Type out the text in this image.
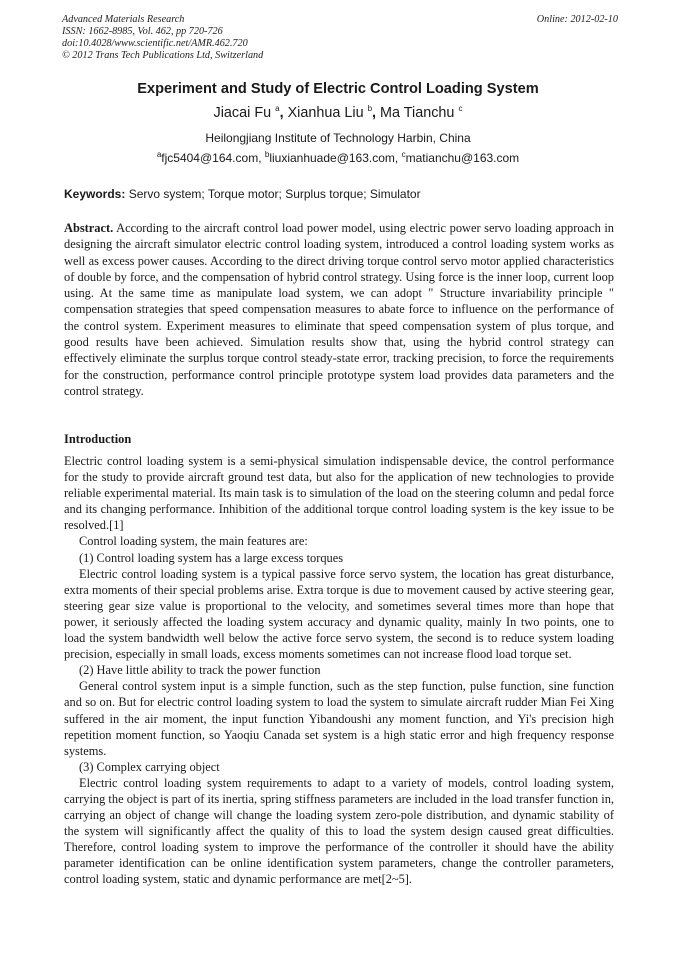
Advanced Materials Research
ISSN: 1662-8985, Vol. 462, pp 720-726
doi:10.4028/www.scientific.net/AMR.462.720
© 2012 Trans Tech Publications Ltd, Switzerland
Online: 2012-02-10
Experiment and Study of Electric Control Loading System
Jiacai Fu $^a$, Xianhua Liu $^b$, Ma Tianchu $^c$
Heilongjiang Institute of Technology Harbin, China
$^a$fjc5404@164.com, $^b$liuxianhuade@163.com, $^c$matianchu@163.com
Keywords: Servo system; Torque motor; Surplus torque; Simulator

Abstract. According to the aircraft control load power model, using electric power servo loading approach in designing the aircraft simulator electric control loading system, introduced a control loading system works as well as excess power causes. According to the direct driving torque control servo motor applied characteristics of double by force, and the compensation of hybrid control strategy. Using force is the inner loop, current loop using. At the same time as manipulate load system, we can adopt " Structure invariability principle " compensation strategies that speed compensation measures to abate force to influence on the performance of the control system. Experiment measures to eliminate that speed compensation system of plus torque, and good results have been achieved. Simulation results show that, using the hybrid control strategy can effectively eliminate the surplus torque control steady-state error, tracking precision, to force the requirements for the construction, performance control principle prototype system load provides data parameters and the control strategy.

Introduction

Electric control loading system is a semi-physical simulation indispensable device, the control performance for the study to provide aircraft ground test data, but also for the application of new technologies to provide reliable experimental material. Its main task is to simulation of the load on the steering column and pedal force and its changing performance. Inhibition of the additional torque control loading system is the key issue to be resolved.[1]

Control loading system, the main features are:

(1) Control loading system has a large excess torques

Electric control loading system is a typical passive force servo system, the location has great disturbance, extra moments of their special problems arise. Extra torque is due to movement caused by active steering gear, steering gear size value is proportional to the velocity, and sometimes several times more than hope that power, it seriously affected the loading system accuracy and dynamic quality, mainly In two points, one to load the system bandwidth well below the active force servo system, the second is to reduce system loading precision, especially in small loads, excess moments sometimes can not increase flood load torque set.

(2) Have little ability to track the power function

General control system input is a simple function, such as the step function, pulse function, sine function and so on. But for electric control loading system to load the system to simulate aircraft rudder Mian Fei Xing suffered in the air moment, the input function Yibandoushi any moment function, and Yi's precision high repetition moment function, so Yaoqiu Canada set system is a high static error and high frequency response systems.

(3) Complex carrying object

Electric control loading system requirements to adapt to a variety of models, control loading system, carrying the object is part of its inertia, spring stiffness parameters are included in the load transfer function in, carrying an object of change will change the loading system zero-pole distribution, and dynamic stability of the system will significantly affect the quality of this to load the system design caused great difficulties. Therefore, control loading system to improve the performance of the controller it should have the ability parameter identification can be online identification system parameters, change the controller parameters, control loading system, static and dynamic performance are met[2~5].
